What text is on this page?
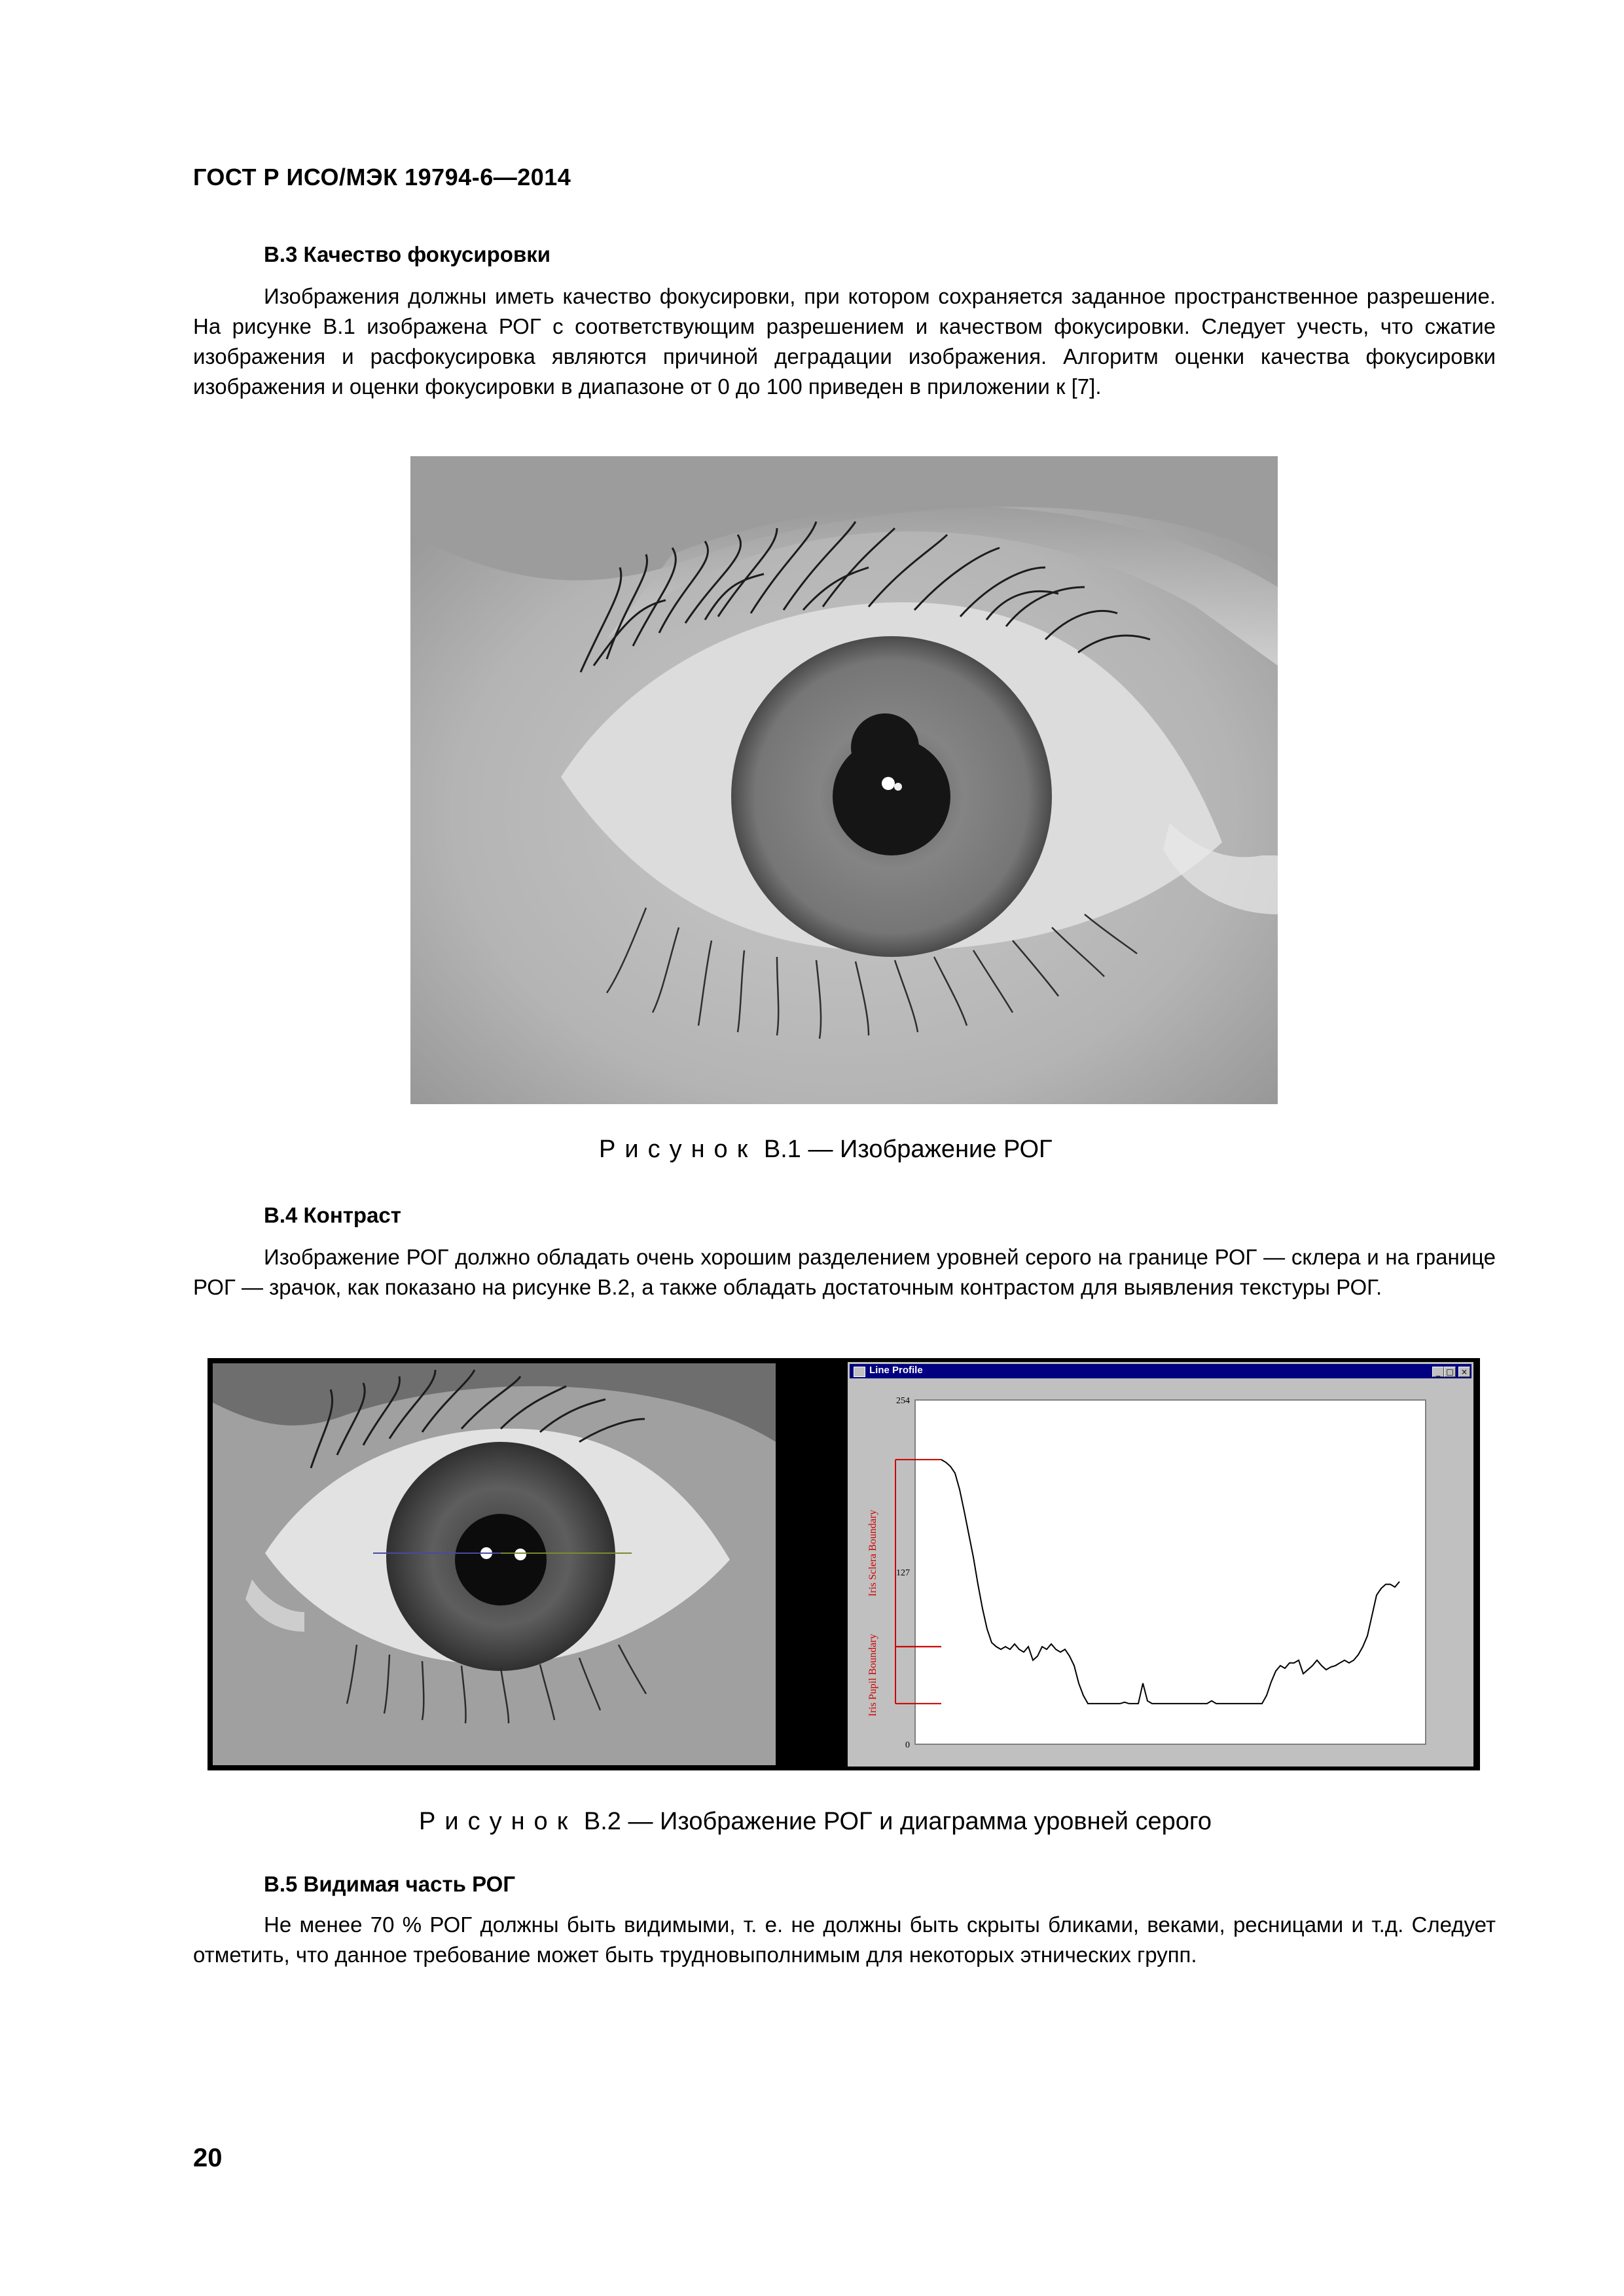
ГОСТ Р ИСО/МЭК 19794-6—2014
В.3 Качество фокусировки

Изображения должны иметь качество фокусировки, при котором сохраняется заданное пространственное разрешение. На рисунке В.1 изображена РОГ с соответствующим разрешением и качеством фокусировки. Следует учесть, что сжатие изображения и расфокусировка являются причиной деградации изображения. Алгоритм оценки качества фокусировки изображения и оценки фокусировки в диапазоне от 0 до 100 приведен в приложении к [7].

Рисунок В.1 — Изображение РОГ
В.4 Контраст

Изображение РОГ должно обладать очень хорошим разделением уровней серого на границе РОГ — склера и на границе РОГ — зрачок, как показано на рисунке В.2, а также обладать достаточным контрастом для выявления текстуры РОГ.

Line Profile	_ □ ×
254
127
0
Iris Sclera Boundary
Iris Pupil Boundary
Рисунок В.2 — Изображение РОГ и диаграмма уровней серого
В.5 Видимая часть РОГ

Не менее 70 % РОГ должны быть видимыми, т. е. не должны быть скрыты бликами, веками, ресницами и т.д. Следует отметить, что данное требование может быть трудновыполнимым для некоторых этнических групп.

20
